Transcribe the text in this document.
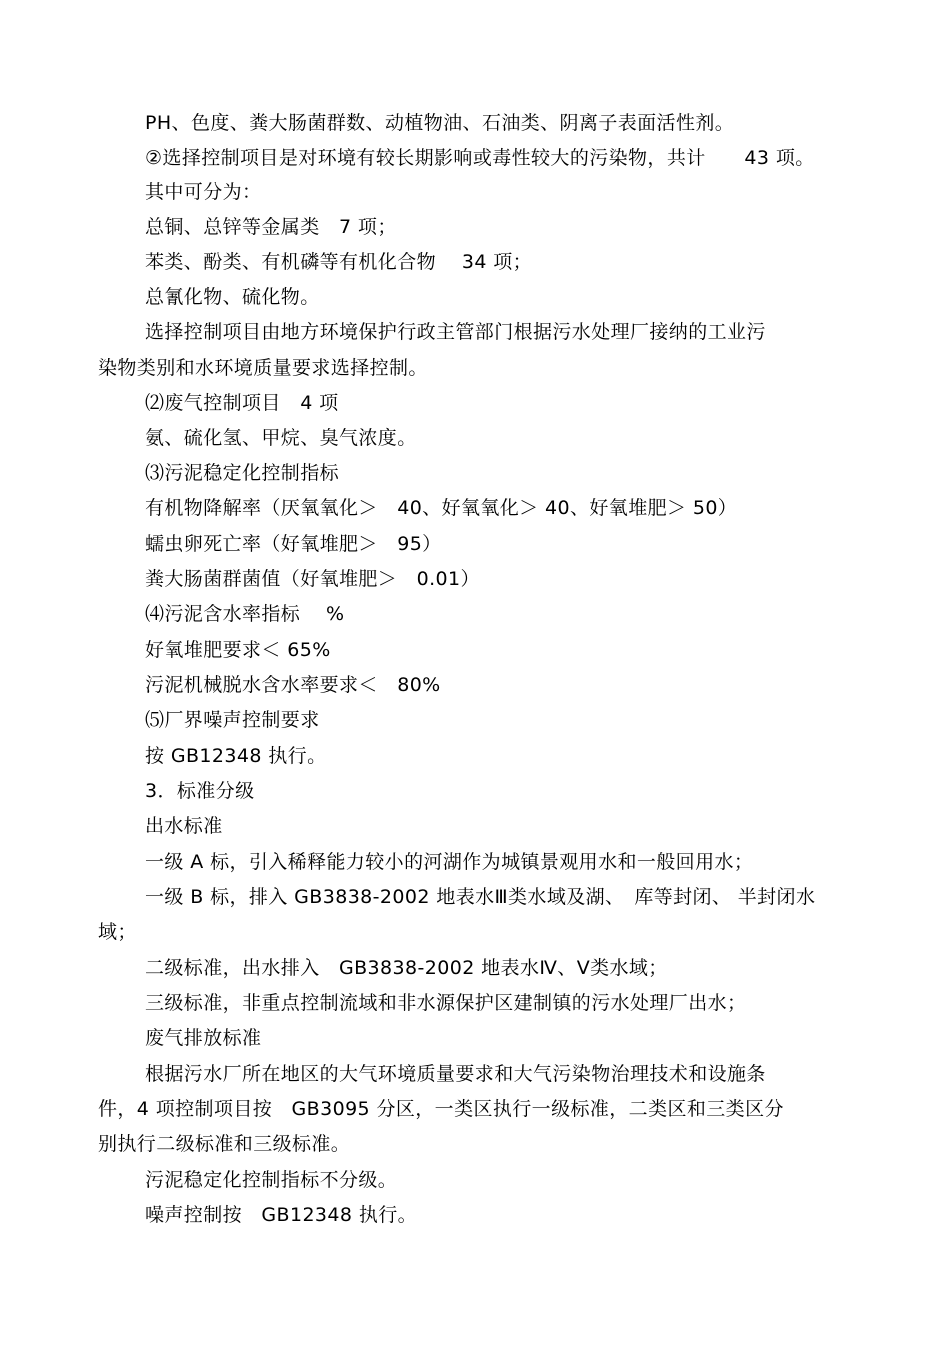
PH、色度、粪大肠菌群数、动植物油、石油类、阴离子表面活性剂。
②选择控制项目是对环境有较长期影响或毒性较大的污染物，共计　　43 项。
其中可分为：
总铜、总锌等金属类　7 项；
苯类、酚类、有机磷等有机化合物　 34 项；
总氰化物、硫化物。
选择控制项目由地方环境保护行政主管部门根据污水处理厂接纳的工业污
染物类别和水环境质量要求选择控制。
⑵废气控制项目　4 项
氨、硫化氢、甲烷、臭气浓度。
⑶污泥稳定化控制指标
有机物降解率（厌氧氧化＞　40、好氧氧化＞ 40、好氧堆肥＞ 50）
蠕虫卵死亡率（好氧堆肥＞　95）
粪大肠菌群菌值（好氧堆肥＞　0.01）
⑷污泥含水率指标　 %
好氧堆肥要求＜ 65%
污泥机械脱水含水率要求＜　80%
⑸厂界噪声控制要求
按 GB12348 执行。
3．标准分级
出水标准
一级 A 标，引入稀释能力较小的河湖作为城镇景观用水和一般回用水；
一级 B 标，排入 GB3838-2002 地表水Ⅲ类水域及湖、　库等封闭、 半封闭水
域；
二级标准，出水排入　GB3838-2002 地表水Ⅳ、Ⅴ类水域；
三级标准，非重点控制流域和非水源保护区建制镇的污水处理厂出水；
废气排放标准
根据污水厂所在地区的大气环境质量要求和大气污染物治理技术和设施条
件，4 项控制项目按　GB3095 分区，一类区执行一级标准，二类区和三类区分
别执行二级标准和三级标准。
污泥稳定化控制指标不分级。
噪声控制按　GB12348 执行。
